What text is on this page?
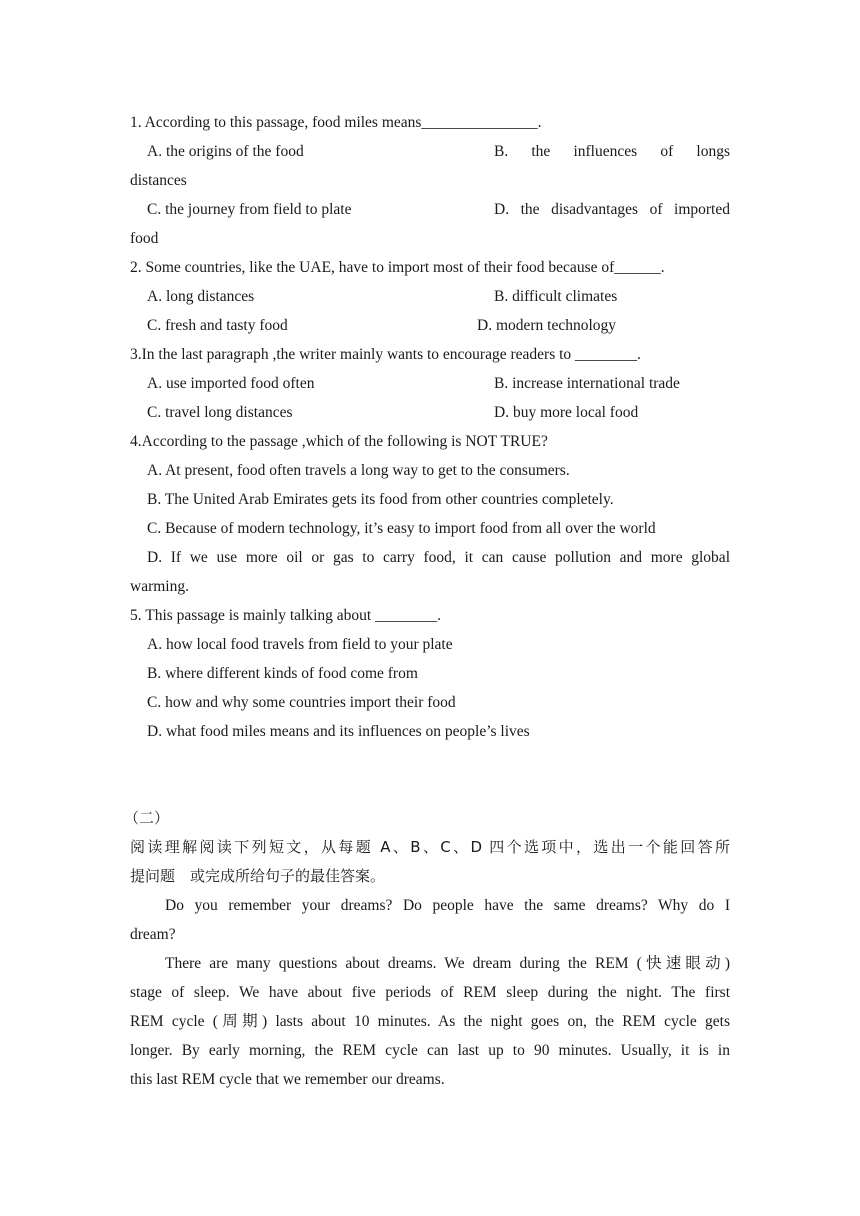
1. According to this passage, food miles means_______________.
A. the origins of the food	B. the influences of longs
distances
C. the journey from field to plate	D. the disadvantages of imported
food
2. Some countries, like the UAE, have to import most of their food because of______.
A. long distances	B. difficult climates
C. fresh and tasty food	D. modern technology
3.In the last paragraph ,the writer mainly wants to encourage readers to ________.
A. use imported food often	B. increase international trade
C. travel long distances	D. buy more local food
4.According to the passage ,which of the following is NOT TRUE?
A. At present, food often travels a long way to get to the consumers.
B. The United Arab Emirates gets its food from other countries completely.
C. Because of modern technology, it’s easy to import food from all over the world
D. If we use more oil or gas to carry food, it can cause pollution and more global
warming.
5. This passage is mainly talking about ________.
A. how local food travels from field to your plate
B. where different kinds of food come from
C. how and why some countries import their food
D. what food miles means and its influences on people’s lives
（二）
阅读理解阅读下列短文，从每题 A、B、C、D 四个选项中，选出一个能回答所
提问题　或完成所给句子的最佳答案。
Do you remember your dreams? Do people have the same dreams? Why do I
dream?
There are many questions about dreams. We dream during the REM (快速眼动)
stage of sleep. We have about five periods of REM sleep during the night. The first
REM cycle (周期) lasts about 10 minutes. As the night goes on, the REM cycle gets
longer. By early morning, the REM cycle can last up to 90 minutes. Usually, it is in
this last REM cycle that we remember our dreams.
